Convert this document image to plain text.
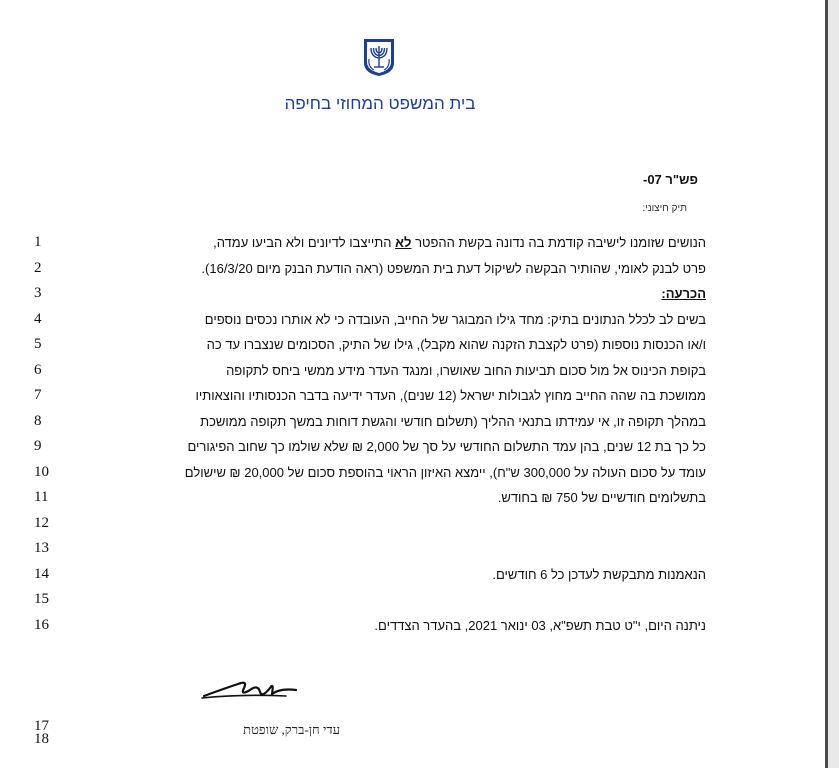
בית המשפט המחוזי בחיפה
פש"ר 07-
תיק חיצוני:
1
2
3
4
5
6
7
8
9
10
11
12
13
14
15
16
17
18
הנושים שזומנו לישיבה קודמת בה נדונה בקשת ההפטר לא התייצבו לדיונים ולא הביעו עמדה,
פרט לבנק לאומי, שהותיר הבקשה לשיקול דעת בית המשפט (ראה הודעת הבנק מיום 16/3/20).
הכרעה:
בשים לב לכלל הנתונים בתיק: מחד גילו המבוגר של החייב, העובדה כי לא אותרו נכסים נוספים
ו/או הכנסות נוספות (פרט לקצבת הזקנה שהוא מקבל), גילו של התיק, הסכומים שנצברו עד כה
בקופת הכינוס אל מול סכום תביעות החוב שאושרו, ומנגד העדר מידע ממשי ביחס לתקופה
ממושכת בה שהה החייב מחוץ לגבולות ישראל (12 שנים), העדר ידיעה בדבר הכנסותיו והוצאותיו
במהלך תקופה זו, אי עמידתו בתנאי ההליך (תשלום חודשי והגשת דוחות במשך תקופה ממושכת
כל כך בת 12 שנים, בהן עמד התשלום החודשי על סך של 2,000 ₪ שלא שולמו כך שחוב הפיגורים
עומד על סכום העולה על 300,000 ש"ח), יימצא האיזון הראוי בהוספת סכום של 20,000 ₪ שישולם
בתשלומים חודשיים של 750 ₪ בחודש.
הנאמנות מתבקשת לעדכן כל 6 חודשים.
ניתנה היום, י"ט טבת תשפ"א, 03 ינואר 2021, בהעדר הצדדים.
עדי חן-ברק, שופטת
